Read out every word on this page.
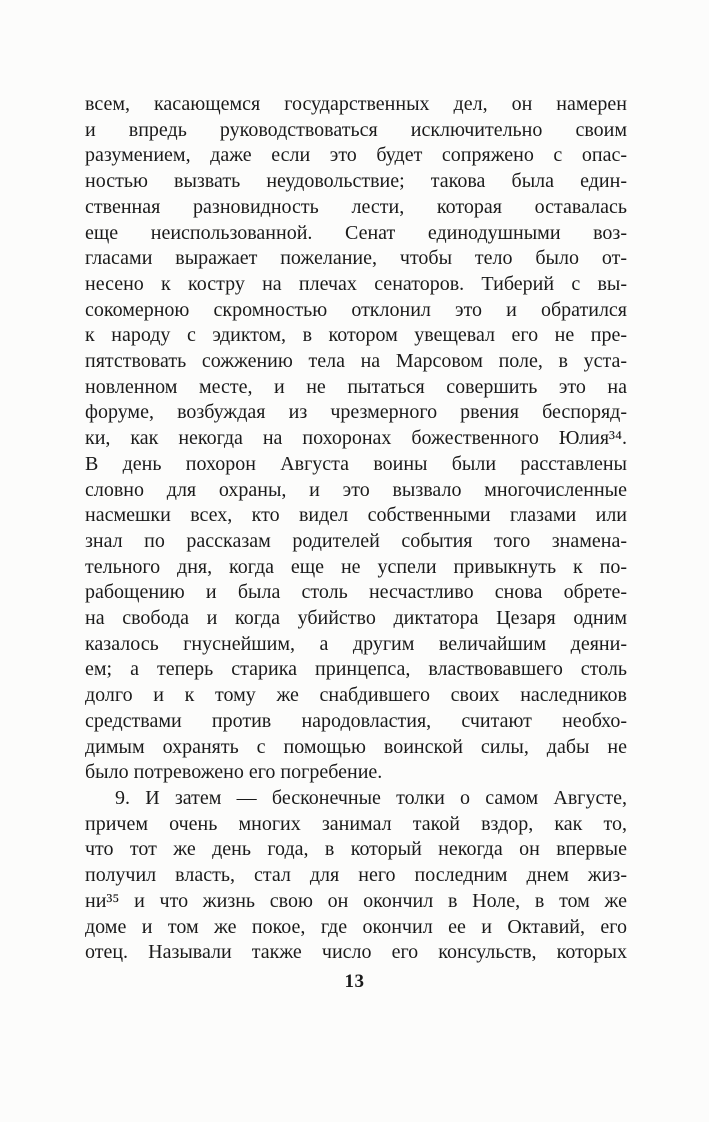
всем, касающемся государственных дел, он намерен
и впредь руководствоваться исключительно своим
разумением, даже если это будет сопряжено с опас-
ностью вызвать неудовольствие; такова была един-
ственная разновидность лести, которая оставалась
еще неиспользованной. Сенат единодушными воз-
гласами выражает пожелание, чтобы тело было от-
несено к костру на плечах сенаторов. Тиберий с вы-
сокомерною скромностью отклонил это и обратился
к народу с эдиктом, в котором увещевал его не пре-
пятствовать сожжению тела на Марсовом поле, в уста-
новленном месте, и не пытаться совершить это на
форуме, возбуждая из чрезмерного рвения беспоряд-
ки, как некогда на похоронах божественного Юлия³⁴.
В день похорон Августа воины были расставлены
словно для охраны, и это вызвало многочисленные
насмешки всех, кто видел собственными глазами или
знал по рассказам родителей события того знамена-
тельного дня, когда еще не успели привыкнуть к по-
рабощению и была столь несчастливо снова обрете-
на свобода и когда убийство диктатора Цезаря одним
казалось гнуснейшим, а другим величайшим деяни-
ем; а теперь старика принцепса, властвовавшего столь
долго и к тому же снабдившего своих наследников
средствами против народовластия, считают необхо-
димым охранять с помощью воинской силы, дабы не
было потревожено его погребение.
9. И затем — бесконечные толки о самом Августе,
причем очень многих занимал такой вздор, как то,
что тот же день года, в который некогда он впервые
получил власть, стал для него последним днем жиз-
ни³⁵ и что жизнь свою он окончил в Ноле, в том же
доме и том же покое, где окончил ее и Октавий, его
отец. Называли также число его консульств, которых
13
